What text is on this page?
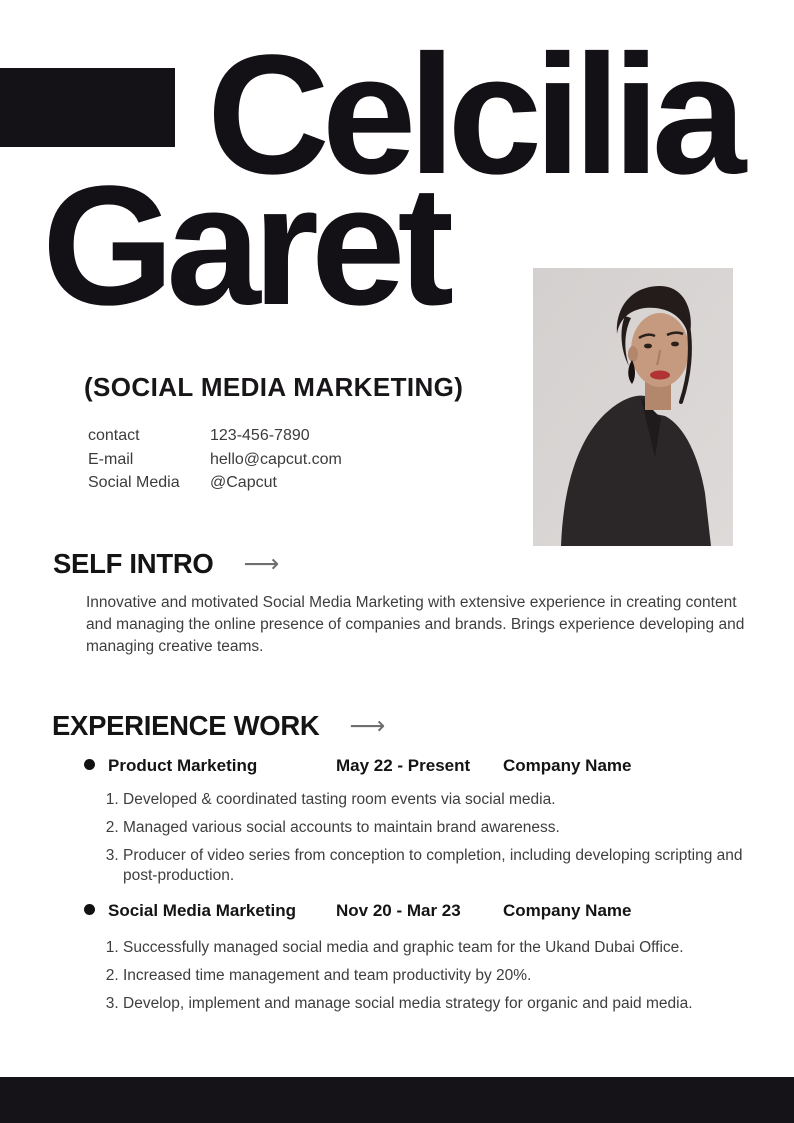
Celcilia
Garet
(SOCIAL MEDIA MARKETING)
contact	123-456-7890
E-mail	hello@capcut.com
Social Media	@Capcut
SELF INTRO ⟶

Innovative and motivated Social Media Marketing with extensive experience in creating content and managing the online presence of companies and brands. Brings experience developing and managing creative teams.

EXPERIENCE WORK ⟶
Product Marketing	May 22 - Present Company Name
1. Developed & coordinated tasting room events via social media.
2. Managed various social accounts to maintain brand awareness.
3. Producer of video series from conception to completion, including developing scripting and post-production.
Social Media Marketing Nov 20 - Mar 23 Company Name
1. Successfully managed social media and graphic team for the Ukand Dubai Office.
2. Increased time management and team productivity by 20%.
3. Develop, implement and manage social media strategy for organic and paid media.
